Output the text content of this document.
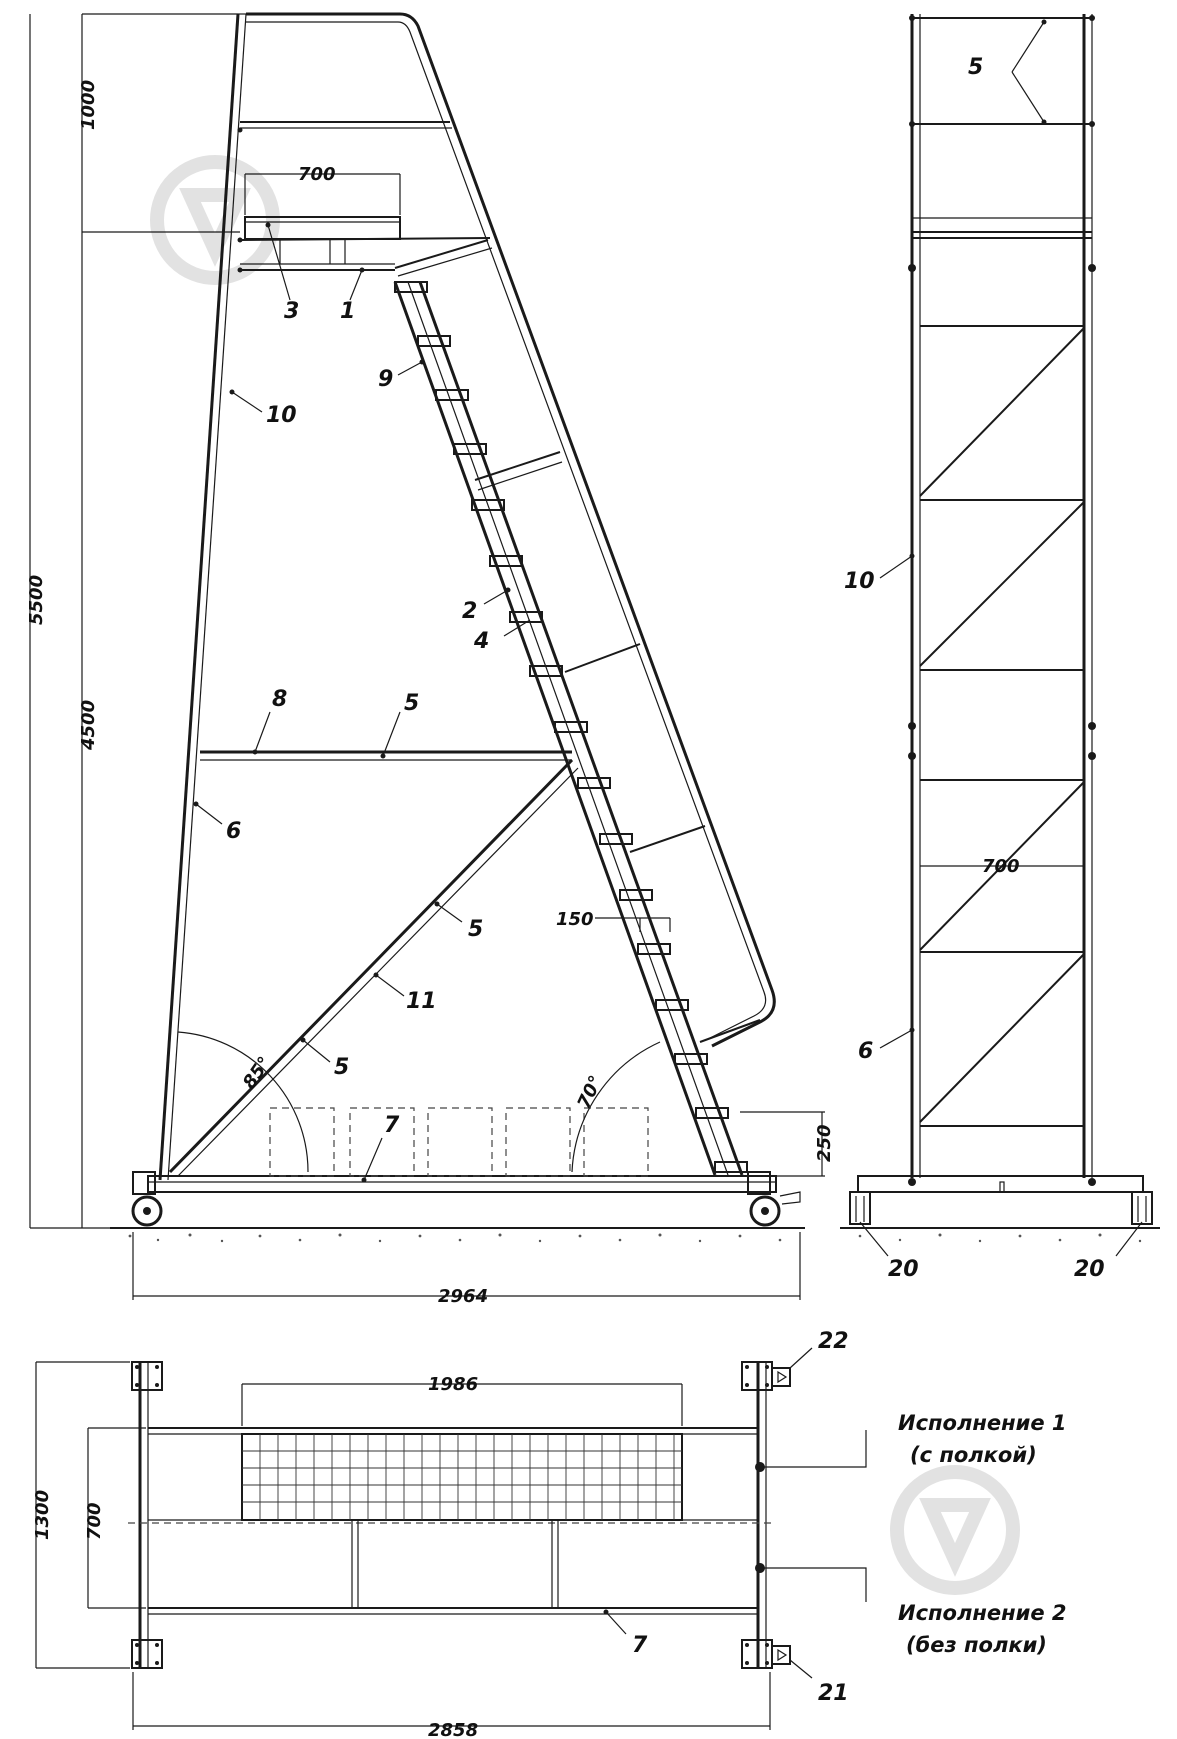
5500
1000
4500
700
150
250
2964
85°	70°
3 1
9
10
2
4
8	5
6
5
11
5
7
5
10
700
6
20	20
1986
1300 700
2858
7
22
21
Исполнение 1
(с полкой)
Исполнение 2
(без полки)
